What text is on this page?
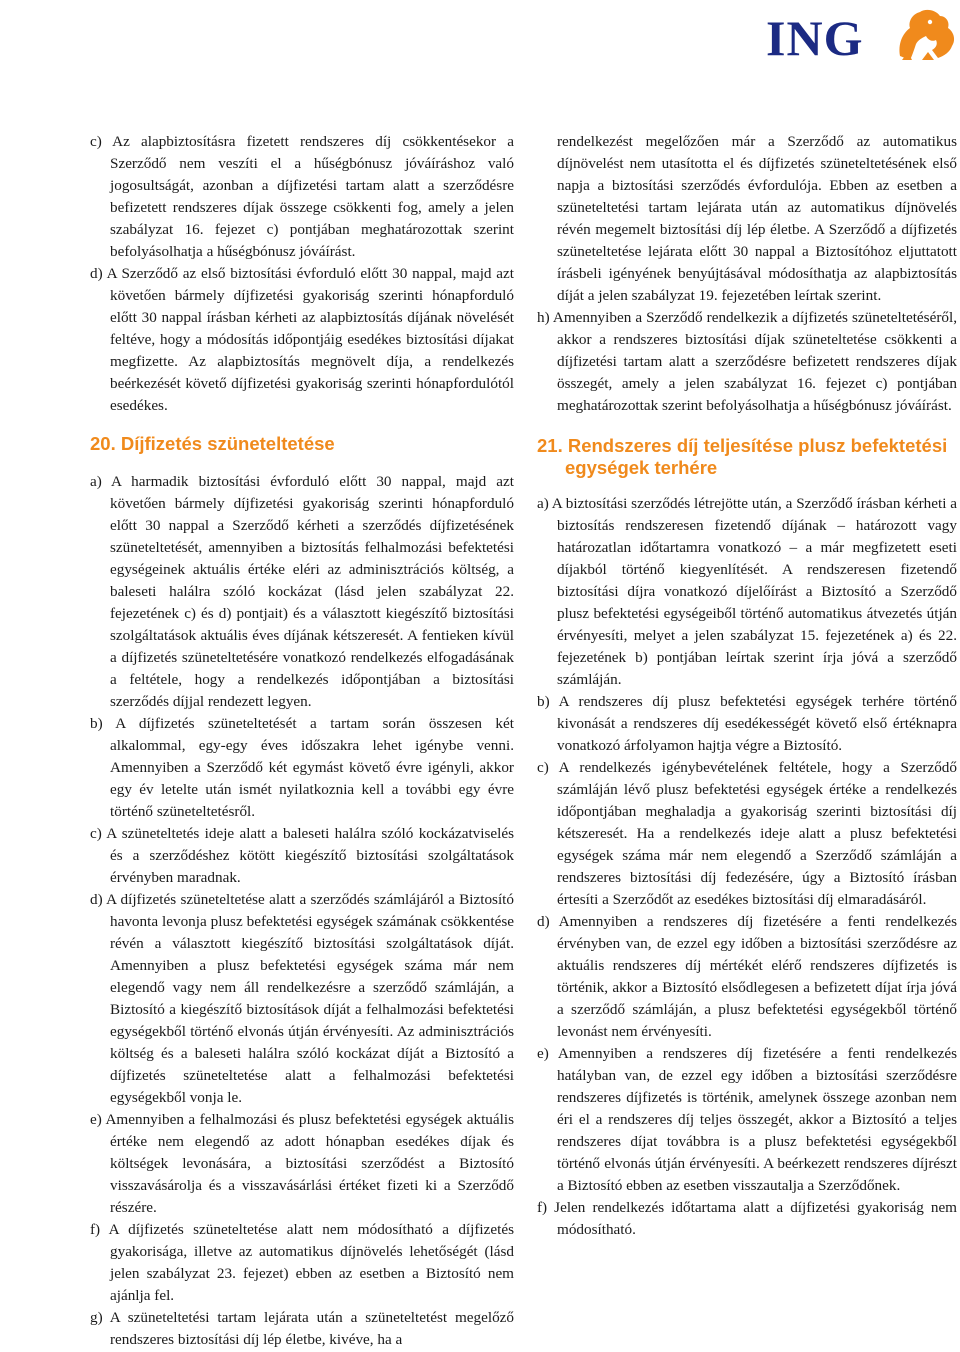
ING

c) Az alapbiztosításra fizetett rendszeres díj csökkentésekor a Szerződő nem veszíti el a hűségbónusz jóváíráshoz való jogosultságát, azonban a díjfizetési tartam alatt a szerződésre befizetett rendszeres díjak összege csökkenti fog, amely a jelen szabályzat 16. fejezet c) pontjában meghatározottak szerint befolyásolhatja a hűségbónusz jóváírást.

d) A Szerződő az első biztosítási évforduló előtt 30 nappal, majd azt követően bármely díjfizetési gyakoriság szerinti hónapforduló előtt 30 nappal írásban kérheti az alapbiztosítás díjának növelését feltéve, hogy a módosítás időpontjáig esedékes biztosítási díjakat megfizette. Az alapbiztosítás megnövelt díja, a rendelkezés beérkezését követő díjfizetési gyakoriság szerinti hónapfordulótól esedékes.

20. Díjfizetés szüneteltetése

a) A harmadik biztosítási évforduló előtt 30 nappal, majd azt követően bármely díjfizetési gyakoriság szerinti hónapforduló előtt 30 nappal a Szerződő kérheti a szerződés díjfizetésének szüneteltetését, amennyiben a biztosítás felhalmozási befektetési egységeinek aktuális értéke eléri az adminisztrációs költség, a baleseti halálra szóló kockázat (lásd jelen szabályzat 22. fejezetének c) és d) pontjait) és a választott kiegészítő biztosítási szolgáltatások aktuális éves díjának kétszeresét. A fentieken kívül a díjfizetés szüneteltetésére vonatkozó rendelkezés elfogadásának a feltétele, hogy a rendelkezés időpontjában a biztosítási szerződés díjjal rendezett legyen.

b) A díjfizetés szüneteltetését a tartam során összesen két alkalommal, egy-egy éves időszakra lehet igénybe venni. Amennyiben a Szerződő két egymást követő évre igényli, akkor egy év letelte után ismét nyilatkoznia kell a további egy évre történő szüneteltetésről.

c) A szüneteltetés ideje alatt a baleseti halálra szóló kockázatviselés és a szerződéshez kötött kiegészítő biztosítási szolgáltatások érvényben maradnak.

d) A díjfizetés szüneteltetése alatt a szerződés számlájáról a Biztosító havonta levonja plusz befektetési egységek számának csökkentése révén a választott kiegészítő biztosítási szolgáltatások díját. Amennyiben a plusz befektetési egységek száma már nem elegendő vagy nem áll rendelkezésre a szerződő számláján, a Biztosító a kiegészítő biztosítások díját a felhalmozási befektetési egységekből történő elvonás útján érvényesíti. Az adminisztrációs költség és a baleseti halálra szóló kockázat díját a Biztosító a díjfizetés szüneteltetése alatt a felhalmozási befektetési egységekből vonja le.

e) Amennyiben a felhalmozási és plusz befektetési egységek aktuális értéke nem elegendő az adott hónapban esedékes díjak és költségek levonására, a biztosítási szerződést a Biztosító visszavásárolja és a visszavásárlási értéket fizeti ki a Szerződő részére.

f) A díjfizetés szüneteltetése alatt nem módosítható a díjfizetés gyakorisága, illetve az automatikus díjnövelés lehetőségét (lásd jelen szabályzat 23. fejezet) ebben az esetben a Biztosító nem ajánlja fel.

g) A szüneteltetési tartam lejárata után a szüneteltetést megelőző rendszeres biztosítási díj lép életbe, kivéve, ha a

rendelkezést megelőzően már a Szerződő az automatikus díjnövelést nem utasította el és díjfizetés szüneteltetésének első napja a biztosítási szerződés évfordulója. Ebben az esetben a szüneteltetési tartam lejárata után az automatikus díjnövelés révén megemelt biztosítási díj lép életbe. A Szerződő a díjfizetés szüneteltetése lejárata előtt 30 nappal a Biztosítóhoz eljuttatott írásbeli igényének benyújtásával módosíthatja az alapbiztosítás díját a jelen szabályzat 19. fejezetében leírtak szerint.

h) Amennyiben a Szerződő rendelkezik a díjfizetés szüneteltetéséről, akkor a rendszeres biztosítási díjak szüneteltetése csökkenti a díjfizetési tartam alatt a szerződésre befizetett rendszeres díjak összegét, amely a jelen szabályzat 16. fejezet c) pontjában meghatározottak szerint befolyásolhatja a hűségbónusz jóváírást.

21. Rendszeres díj teljesítése plusz befektetési egységek terhére

a) A biztosítási szerződés létrejötte után, a Szerződő írásban kérheti a biztosítás rendszeresen fizetendő díjának – határozott vagy határozatlan időtartamra vonatkozó – a már megfizetett eseti díjakból történő kiegyenlítését. A rendszeresen fizetendő biztosítási díjra vonatkozó díjelőírást a Biztosító a Szerződő plusz befektetési egységeiből történő automatikus átvezetés útján érvényesíti, melyet a jelen szabályzat 15. fejezetének a) és 22. fejezetének b) pontjában leírtak szerint írja jóvá a szerződő számláján.

b) A rendszeres díj plusz befektetési egységek terhére történő kivonását a rendszeres díj esedékességét követő első értéknapra vonatkozó árfolyamon hajtja végre a Biztosító.

c) A rendelkezés igénybevételének feltétele, hogy a Szerződő számláján lévő plusz befektetési egységek értéke a rendelkezés időpontjában meghaladja a gyakoriság szerinti biztosítási díj kétszeresét. Ha a rendelkezés ideje alatt a plusz befektetési egységek száma már nem elegendő a Szerződő számláján a rendszeres biztosítási díj fedezésére, úgy a Biztosító írásban értesíti a Szerződőt az esedékes biztosítási díj elmaradásáról.

d) Amennyiben a rendszeres díj fizetésére a fenti rendelkezés érvényben van, de ezzel egy időben a biztosítási szerződésre az aktuális rendszeres díj mértékét elérő rendszeres díjfizetés is történik, akkor a Biztosító elsődlegesen a befizetett díjat írja jóvá a szerződő számláján, a plusz befektetési egységekből történő levonást nem érvényesíti.

e) Amennyiben a rendszeres díj fizetésére a fenti rendelkezés hatályban van, de ezzel egy időben a biztosítási szerződésre rendszeres díjfizetés is történik, amelynek összege azonban nem éri el a rendszeres díj teljes összegét, akkor a Biztosító a teljes rendszeres díjat továbbra is a plusz befektetési egységekből történő elvonás útján érvényesíti. A beérkezett rendszeres díjrészt a Biztosító ebben az esetben visszautalja a Szerződőnek.

f) Jelen rendelkezés időtartama alatt a díjfizetési gyakoriság nem módosítható.
